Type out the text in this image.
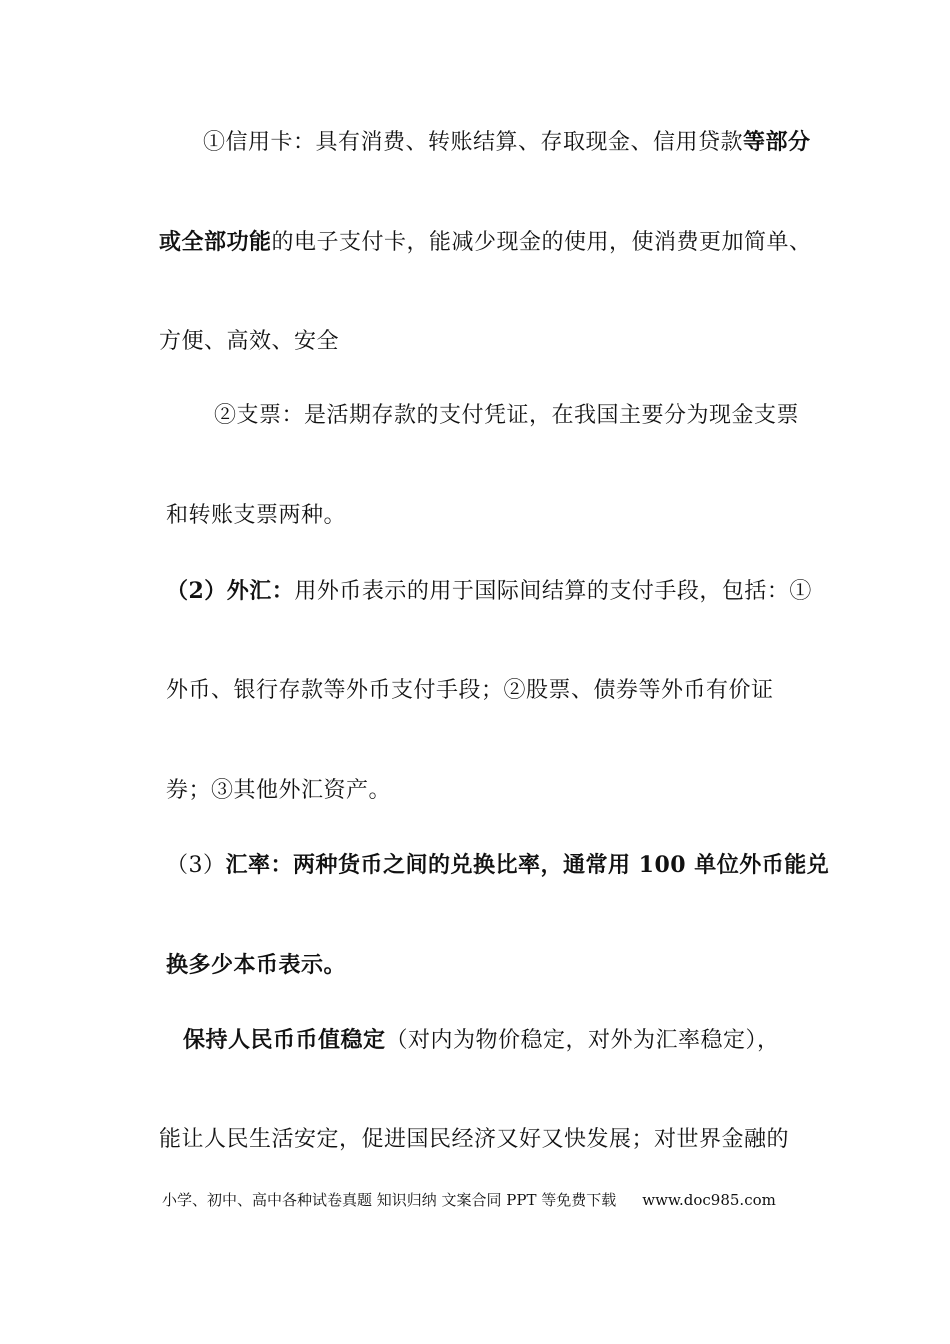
①信用卡：具有消费、转账结算、存取现金、信用贷款等部分
或全部功能的电子支付卡，能减少现金的使用，使消费更加简单、
方便、高效、安全
②支票：是活期存款的支付凭证，在我国主要分为现金支票
和转账支票两种。
（2）外汇：用外币表示的用于国际间结算的支付手段，包括：①
外币、银行存款等外币支付手段；②股票、债券等外币有价证
券；③其他外汇资产。
（3）汇率：两种货币之间的兑换比率，通常用 100 单位外币能兑
换多少本币表示。
保持人民币币值稳定（对内为物价稳定，对外为汇率稳定），
能让人民生活安定，促进国民经济又好又快发展；对世界金融的
小学、初中、高中各种试卷真题 知识归纳 文案合同 PPT 等免费下载 www.doc985.com
